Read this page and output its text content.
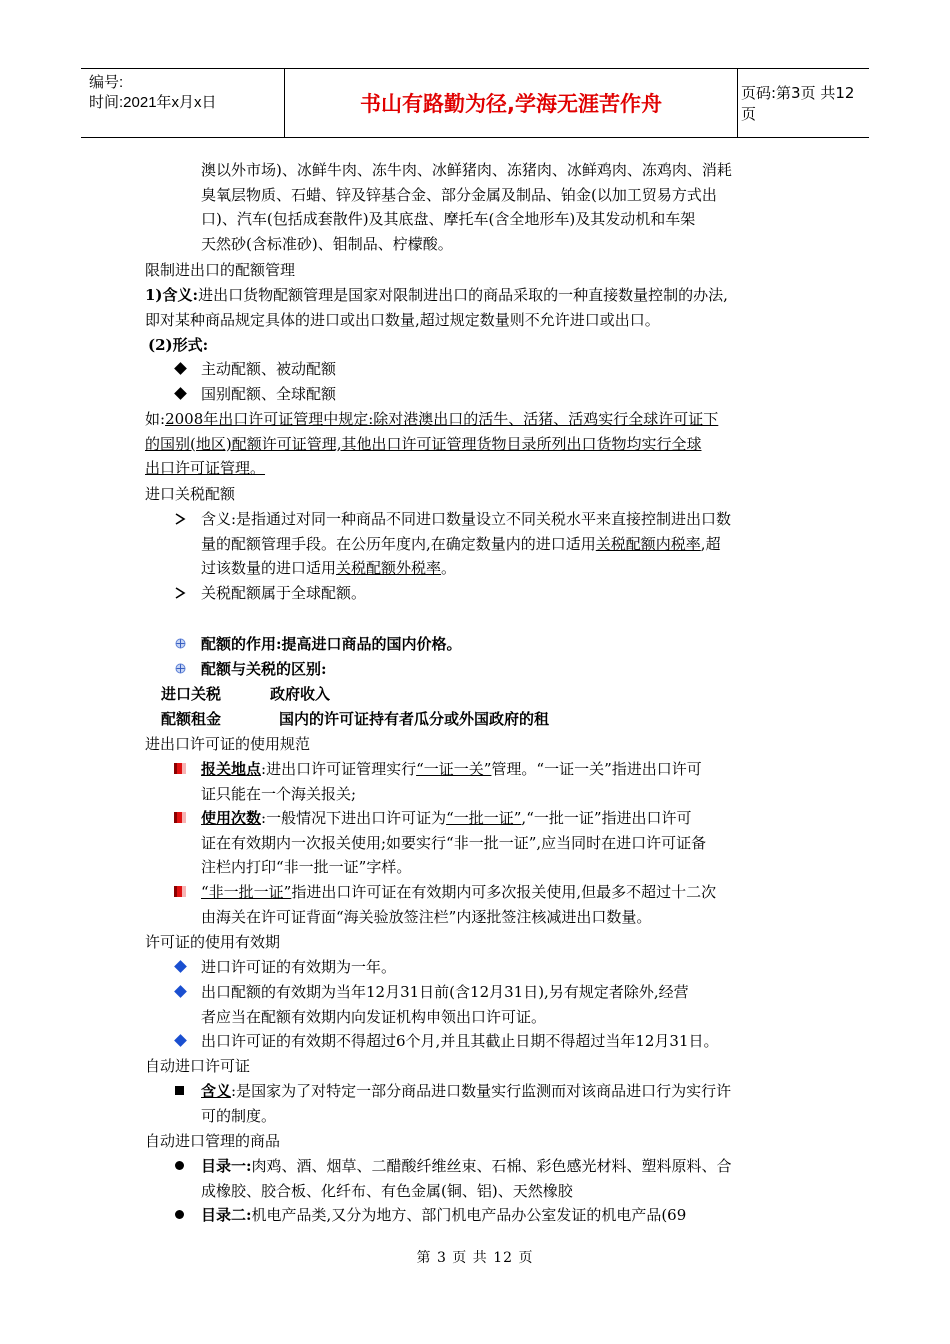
编号:
时间:2021年x月x日	书山有路勤为径,学海无涯苦作舟	页码:第3页 共12页
澳以外市场)、冰鲜牛肉、冻牛肉、冰鲜猪肉、冻猪肉、冰鲜鸡肉、冻鸡肉、消耗
臭氧层物质、石蜡、锌及锌基合金、部分金属及制品、铂金(以加工贸易方式出
口)、汽车(包括成套散件)及其底盘、摩托车(含全地形车)及其发动机和车架
天然砂(含标准砂)、钼制品、柠檬酸。
限制进出口的配额管理
1)含义:进出口货物配额管理是国家对限制进出口的商品采取的一种直接数量控制的办法,
即对某种商品规定具体的进口或出口数量,超过规定数量则不允许进口或出口。
(2)形式:
主动配额、被动配额
国别配额、全球配额
如:2008年出口许可证管理中规定:除对港澳出口的活牛、活猪、活鸡实行全球许可证下
的国别(地区)配额许可证管理,其他出口许可证管理货物目录所列出口货物均实行全球
出口许可证管理。
进口关税配额
含义:是指通过对同一种商品不同进口数量设立不同关税水平来直接控制进出口数
量的配额管理手段。在公历年度内,在确定数量内的进口适用关税配额内税率,超
过该数量的进口适用关税配额外税率。
关税配额属于全球配额。
配额的作用:提高进口商品的国内价格。
配额与关税的区别:
进口关税	政府收入
配额租金	国内的许可证持有者瓜分或外国政府的租
进出口许可证的使用规范
报关地点:进出口许可证管理实行“一证一关”管理。“一证一关”指进出口许可
证只能在一个海关报关;
使用次数:一般情况下进出口许可证为“一批一证”,“一批一证”指进出口许可
证在有效期内一次报关使用;如要实行“非一批一证”,应当同时在进口许可证备
注栏内打印“非一批一证”字样。
“非一批一证”指进出口许可证在有效期内可多次报关使用,但最多不超过十二次
由海关在许可证背面“海关验放签注栏”内逐批签注核减进出口数量。
许可证的使用有效期
进口许可证的有效期为一年。
出口配额的有效期为当年12月31日前(含12月31日),另有规定者除外,经营
者应当在配额有效期内向发证机构申领出口许可证。
出口许可证的有效期不得超过6个月,并且其截止日期不得超过当年12月31日。
自动进口许可证
含义:是国家为了对特定一部分商品进口数量实行监测而对该商品进口行为实行许
可的制度。
自动进口管理的商品
目录一:肉鸡、酒、烟草、二醋酸纤维丝束、石棉、彩色感光材料、塑料原料、合
成橡胶、胶合板、化纤布、有色金属(铜、铝)、天然橡胶
目录二:机电产品类,又分为地方、部门机电产品办公室发证的机电产品(69
第 3 页 共 12 页
